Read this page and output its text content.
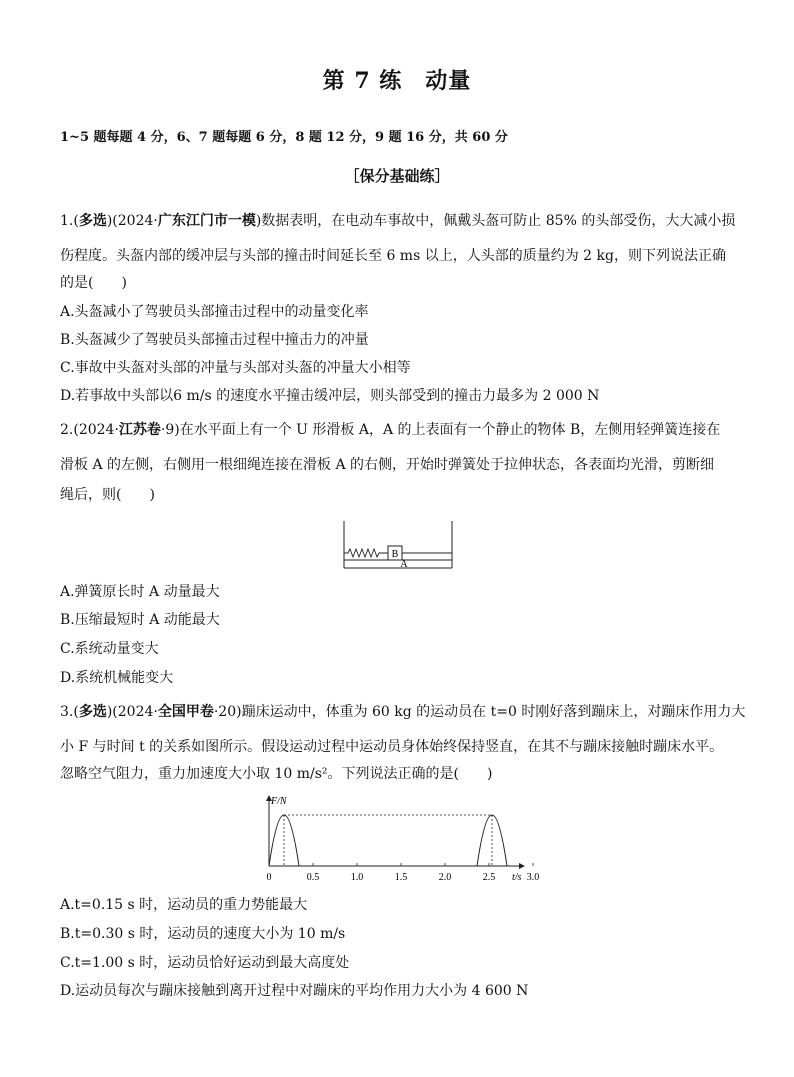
第 7 练　动量
1~5 题每题 4 分，6、7 题每题 6 分，8 题 12 分，9 题 16 分，共 60 分
［保分基础练］
1.(多选)(2024·广东江门市一模)数据表明，在电动车事故中，佩戴头盔可防止 85% 的头部受伤，大大减小损
伤程度。头盔内部的缓冲层与头部的撞击时间延长至 6 ms 以上，人头部的质量约为 2 kg，则下列说法正确
的是(　　)
A.头盔减小了驾驶员头部撞击过程中的动量变化率
B.头盔减少了驾驶员头部撞击过程中撞击力的冲量
C.事故中头盔对头部的冲量与头部对头盔的冲量大小相等
D.若事故中头部以6 m/s 的速度水平撞击缓冲层，则头部受到的撞击力最多为 2 000 N
2.(2024·江苏卷·9)在水平面上有一个 U 形滑板 A，A 的上表面有一个静止的物体 B，左侧用轻弹簧连接在
滑板 A 的左侧，右侧用一根细绳连接在滑板 A 的右侧，开始时弹簧处于拉伸状态，各表面均光滑，剪断细
绳后，则(　　)
B
A
A.弹簧原长时 A 动量最大
B.压缩最短时 A 动能最大
C.系统动量变大
D.系统机械能变大
3.(多选)(2024·全国甲卷·20)蹦床运动中，体重为 60 kg 的运动员在 t=0 时刚好落到蹦床上，对蹦床作用力大
小 F 与时间 t 的关系如图所示。假设运动过程中运动员身体始终保持竖直，在其不与蹦床接触时蹦床水平。
忽略空气阻力，重力加速度大小取 10 m/s²。下列说法正确的是(　　)
F/N
t/s
0	0.5	1.0	1.5	2.0	2.5	3.0
A.t=0.15 s 时，运动员的重力势能最大
B.t=0.30 s 时，运动员的速度大小为 10 m/s
C.t=1.00 s 时，运动员恰好运动到最大高度处
D.运动员每次与蹦床接触到离开过程中对蹦床的平均作用力大小为 4 600 N
